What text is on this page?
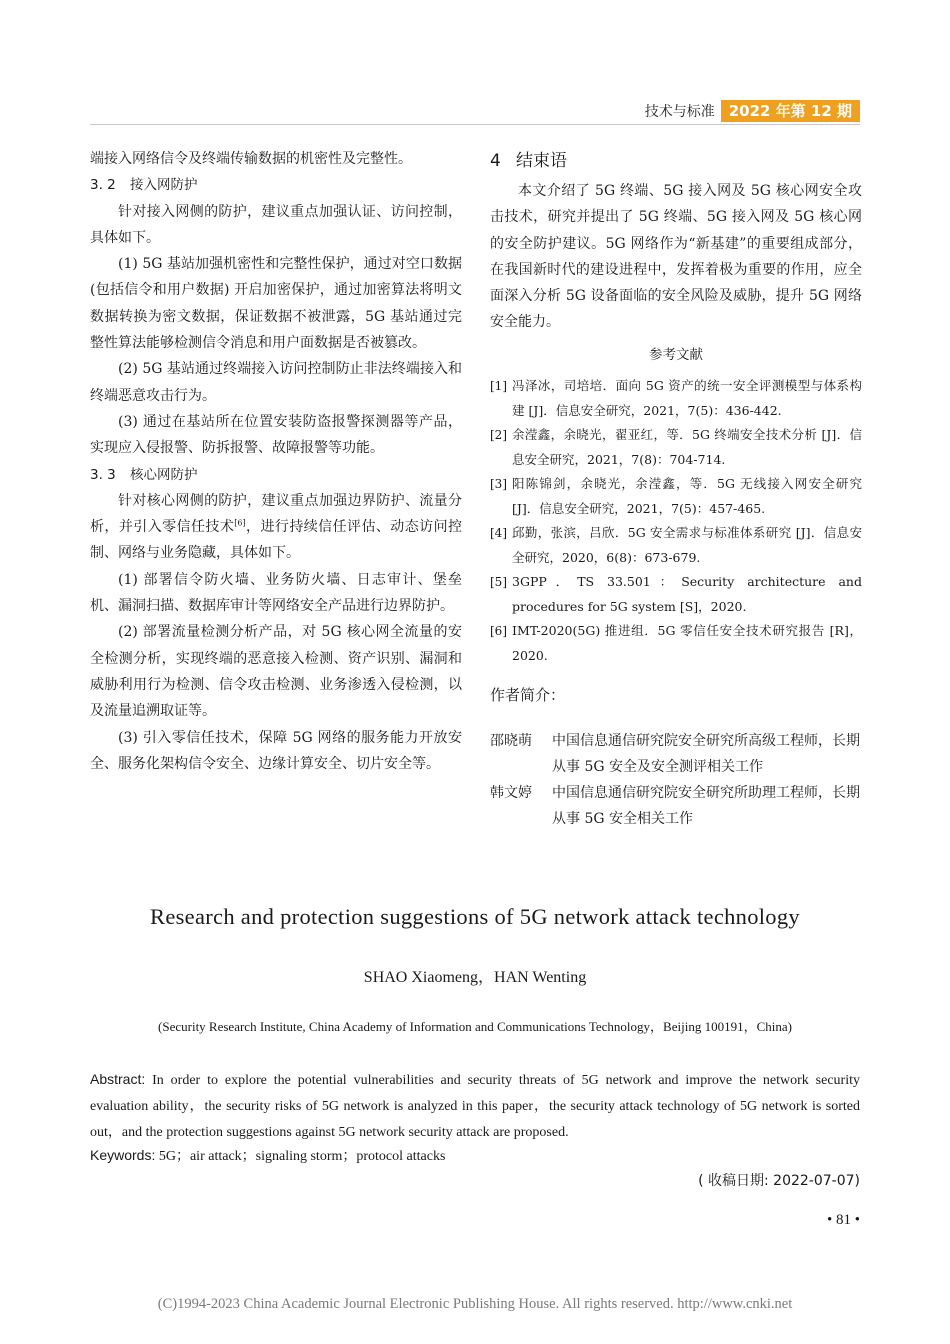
技术与标准 2022 年第 12 期

端接入网络信令及终端传输数据的机密性及完整性。

3. 2 接入网防护

针对接入网侧的防护，建议重点加强认证、访问控制，具体如下。

(1) 5G 基站加强机密性和完整性保护，通过对空口数据(包括信令和用户数据) 开启加密保护，通过加密算法将明文数据转换为密文数据，保证数据不被泄露，5G 基站通过完整性算法能够检测信令消息和用户面数据是否被篡改。

(2) 5G 基站通过终端接入访问控制防止非法终端接入和终端恶意攻击行为。

(3) 通过在基站所在位置安装防盗报警探测器等产品，实现应入侵报警、防拆报警、故障报警等功能。

3. 3 核心网防护

针对核心网侧的防护，建议重点加强边界防护、流量分析，并引入零信任技术[6]，进行持续信任评估、动态访问控制、网络与业务隐藏，具体如下。

(1) 部署信令防火墙、业务防火墙、日志审计、堡垒机、漏洞扫描、数据库审计等网络安全产品进行边界防护。

(2) 部署流量检测分析产品，对 5G 核心网全流量的安全检测分析，实现终端的恶意接入检测、资产识别、漏洞和威胁利用行为检测、信令攻击检测、业务渗透入侵检测，以及流量追溯取证等。

(3) 引入零信任技术，保障 5G 网络的服务能力开放安全、服务化架构信令安全、边缘计算安全、切片安全等。

4 结束语

本文介绍了 5G 终端、5G 接入网及 5G 核心网安全攻击技术，研究并提出了 5G 终端、5G 接入网及 5G 核心网的安全防护建议。5G 网络作为“新基建”的重要组成部分，在我国新时代的建设进程中，发挥着极为重要的作用，应全面深入分析 5G 设备面临的安全风险及威胁，提升 5G 网络安全能力。

参考文献
[1] 冯泽冰，司培培．面向 5G 资产的统一安全评测模型与体系构建 [J]．信息安全研究，2021，7(5)：436-442.
[2] 余滢鑫，余晓光，翟亚红，等．5G 终端安全技术分析 [J]．信息安全研究，2021，7(8)：704-714.
[3] 阳陈锦剑，余晓光，余滢鑫，等．5G 无线接入网安全研究 [J]．信息安全研究，2021，7(5)：457-465.
[4] 邱勤，张滨，吕欣．5G 安全需求与标准体系研究 [J]．信息安全研究，2020，6(8)：673-679.
[5] 3GPP．TS 33.501：Security architecture and procedures for 5G system [S]，2020.
[6] IMT-2020(5G) 推进组．5G 零信任安全技术研究报告 [R]，2020.
作者简介：
邵晓萌	中国信息通信研究院安全研究所高级工程师，长期从事 5G 安全及安全测评相关工作
韩文婷	中国信息通信研究院安全研究所助理工程师，长期从事 5G 安全相关工作
Research and protection suggestions of 5G network attack technology
SHAO Xiaomeng，HAN Wenting
(Security Research Institute, China Academy of Information and Communications Technology，Beijing 100191，China)
Abstract: In order to explore the potential vulnerabilities and security threats of 5G network and improve the network security evaluation ability，the security risks of 5G network is analyzed in this paper，the security attack technology of 5G network is sorted out，and the protection suggestions against 5G network security attack are proposed.
Keywords: 5G；air attack；signaling storm；protocol attacks
( 收稿日期: 2022-07-07)
• 81 •
(C)1994-2023 China Academic Journal Electronic Publishing House. All rights reserved. http://www.cnki.net
